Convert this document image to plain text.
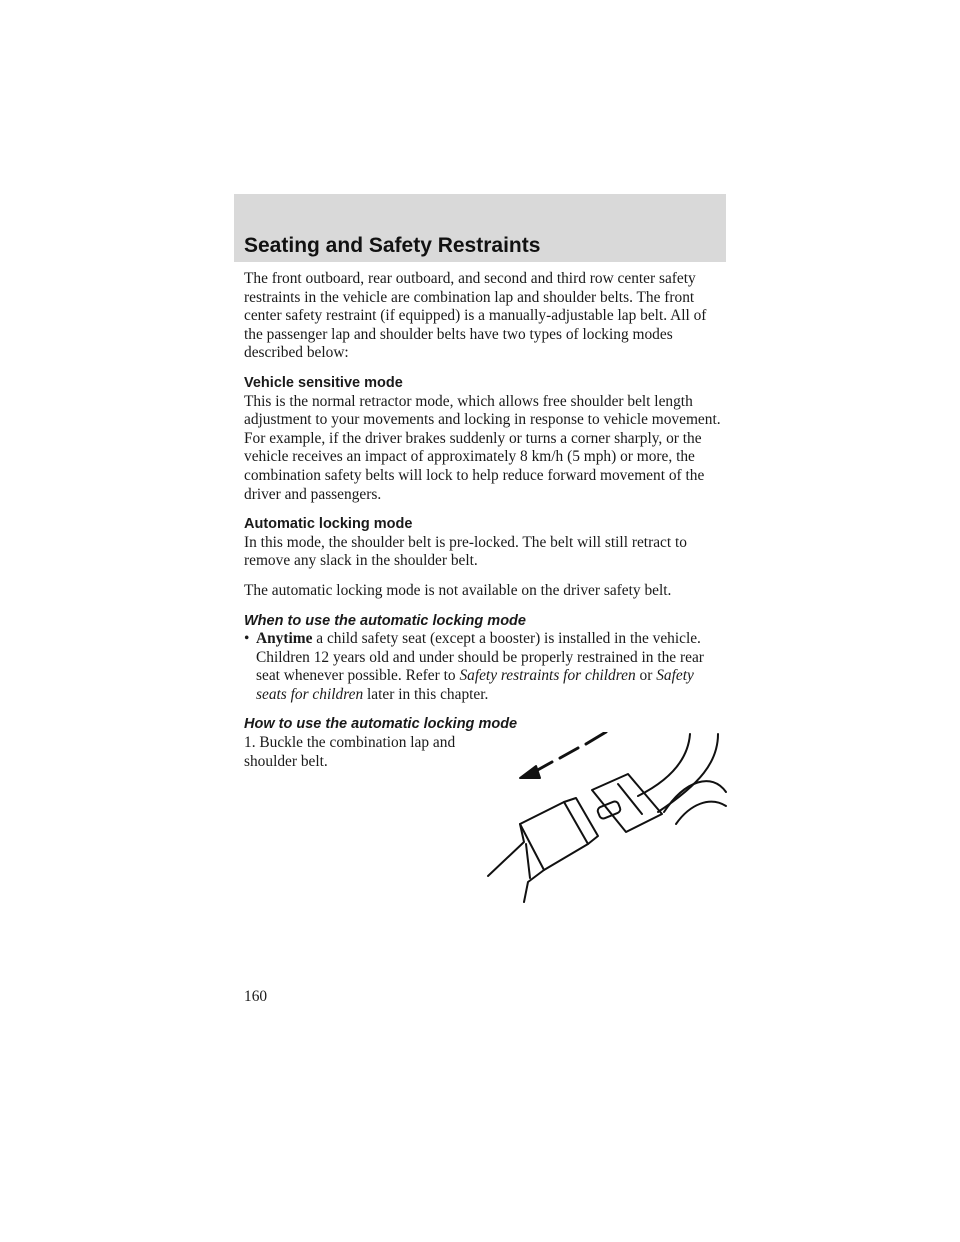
Seating and Safety Restraints

The front outboard, rear outboard, and second and third row center safety restraints in the vehicle are combination lap and shoulder belts. The front center safety restraint (if equipped) is a manually-adjustable lap belt. All of the passenger lap and shoulder belts have two types of locking modes described below:

Vehicle sensitive mode

This is the normal retractor mode, which allows free shoulder belt length adjustment to your movements and locking in response to vehicle movement. For example, if the driver brakes suddenly or turns a corner sharply, or the vehicle receives an impact of approximately 8 km/h (5 mph) or more, the combination safety belts will lock to help reduce forward movement of the driver and passengers.

Automatic locking mode

In this mode, the shoulder belt is pre-locked. The belt will still retract to remove any slack in the shoulder belt.

The automatic locking mode is not available on the driver safety belt.

When to use the automatic locking mode

• Anytime a child safety seat (except a booster) is installed in the vehicle. Children 12 years old and under should be properly restrained in the rear seat whenever possible. Refer to Safety restraints for children or Safety seats for children later in this chapter.

How to use the automatic locking mode

1. Buckle the combination lap and shoulder belt.

160
